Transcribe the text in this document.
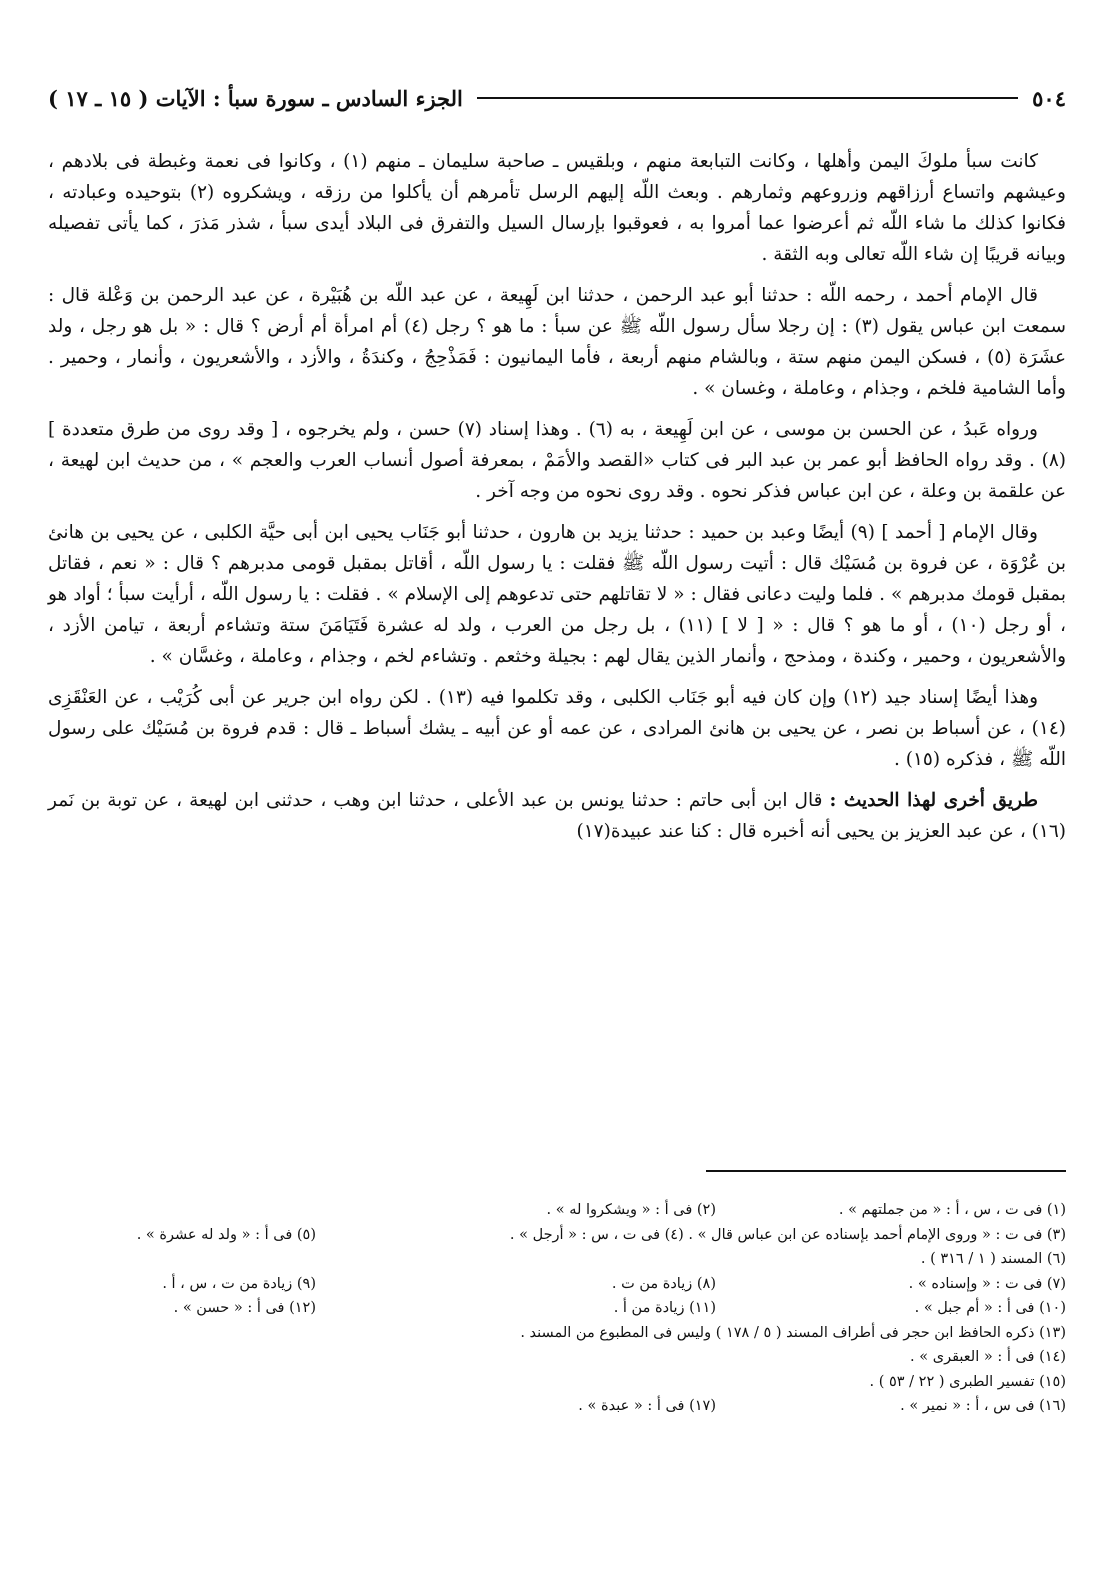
٥٠٤
الجزء السادس ـ سورة سبأ : الآيات ( ١٥ ـ ١٧ )

كانت سبأ ملوكَ اليمن وأهلها ، وكانت التبابعة منهم ، وبلقيس ـ صاحبة سليمان ـ منهم (١) ، وكانوا فى نعمة وغبطة فى بلادهم ، وعيشهم واتساع أرزاقهم وزروعهم وثمارهم . وبعث اللّه إليهم الرسل تأمرهم أن يأكلوا من رزقه ، ويشكروه (٢) بتوحيده وعبادته ، فكانوا كذلك ما شاء اللّه ثم أعرضوا عما أمروا به ، فعوقبوا بإرسال السيل والتفرق فى البلاد أيدى سبأ ، شذر مَذرَ ، كما يأتى تفصيله وبيانه قريبًا إن شاء اللّه تعالى وبه الثقة .

قال الإمام أحمد ، رحمه اللّه : حدثنا أبو عبد الرحمن ، حدثنا ابن لَهِيعة ، عن عبد اللّه بن هُبَيْرة ، عن عبد الرحمن بن وَعْلة قال : سمعت ابن عباس يقول (٣) : إن رجلا سأل رسول اللّه ﷺ عن سبأ : ما هو ؟ رجل (٤) أم امرأة أم أرض ؟ قال : « بل هو رجل ، ولد عشَرَة (٥) ، فسكن اليمن منهم ستة ، وبالشام منهم أربعة ، فأما اليمانيون : فَمَذْحِجُ ، وكندَةُ ، والأزد ، والأشعريون ، وأنمار ، وحمير . وأما الشامية فلخم ، وجذام ، وعاملة ، وغسان » .

ورواه عَبدُ ، عن الحسن بن موسى ، عن ابن لَهِيعة ، به (٦) . وهذا إسناد (٧) حسن ، ولم يخرجوه ، [ وقد روى من طرق متعددة ] (٨) . وقد رواه الحافظ أبو عمر بن عبد البر فى كتاب «القصد والأمَمْ ، بمعرفة أصول أنساب العرب والعجم » ، من حديث ابن لهيعة ، عن علقمة بن وعلة ، عن ابن عباس فذكر نحوه . وقد روى نحوه من وجه آخر .

وقال الإمام [ أحمد ] (٩) أيضًا وعبد بن حميد : حدثنا يزيد بن هارون ، حدثنا أبو جَنَاب يحيى ابن أبى حيَّة الكلبى ، عن يحيى بن هانئ بن عُرْوَة ، عن فروة بن مُسَيْك قال : أتيت رسول اللّه ﷺ فقلت : يا رسول اللّه ، أقاتل بمقبل قومى مدبرهم ؟ قال : « نعم ، فقاتل بمقبل قومك مدبرهم » . فلما وليت دعانى فقال : « لا تقاتلهم حتى تدعوهم إلى الإسلام » . فقلت : يا رسول اللّه ، أرأيت سبأ ؛ أواد هو ، أو رجل (١٠) ، أو ما هو ؟ قال : « [ لا ] (١١) ، بل رجل من العرب ، ولد له عشرة فَتَيَامَنَ ستة وتشاءم أربعة ، تيامن الأزد ، والأشعريون ، وحمير ، وكندة ، ومذحج ، وأنمار الذين يقال لهم : بجيلة وخثعم . وتشاءم لخم ، وجذام ، وعاملة ، وغسَّان » .

وهذا أيضًا إسناد جيد (١٢) وإن كان فيه أبو جَنَاب الكلبى ، وقد تكلموا فيه (١٣) . لكن رواه ابن جرير عن أبى كُرَيْب ، عن العَنْقَزِى (١٤) ، عن أسباط بن نصر ، عن يحيى بن هانئ المرادى ، عن عمه أو عن أبيه ـ يشك أسباط ـ قال : قدم فروة بن مُسَيْك على رسول اللّه ﷺ ، فذكره (١٥) .

طريق أخرى لهذا الحديث : قال ابن أبى حاتم : حدثنا يونس بن عبد الأعلى ، حدثنا ابن وهب ، حدثنى ابن لهيعة ، عن توبة بن نَمر (١٦) ، عن عبد العزيز بن يحيى أنه أخبره قال : كنا عند عبيدة(١٧)

(١) فى ت ، س ، أ : « من جملتهم » .
(٢) فى أ : « ويشكروا له » .
(٣) فى ت : « وروى الإمام أحمد بإسناده عن ابن عباس قال » . (٤) فى ت ، س : « أرجل » .
(٥) فى أ : « ولد له عشرة » .
(٦) المسند ( ١ / ٣١٦ ) .
(٧) فى ت : « وإسناده » .
(٨) زيادة من ت .
(٩) زيادة من ت ، س ، أ .
(١٠) فى أ : « أم جبل » .
(١١) زيادة من أ .
(١٢) فى أ : « حسن » .
(١٣) ذكره الحافظ ابن حجر فى أطراف المسند ( ٥ / ١٧٨ ) وليس فى المطبوع من المسند .
(١٤) فى أ : « العبقرى » .
(١٥) تفسير الطبرى ( ٢٢ / ٥٣ ) .
(١٦) فى س ، أ : « نمير » .
(١٧) فى أ : « عبدة » .
